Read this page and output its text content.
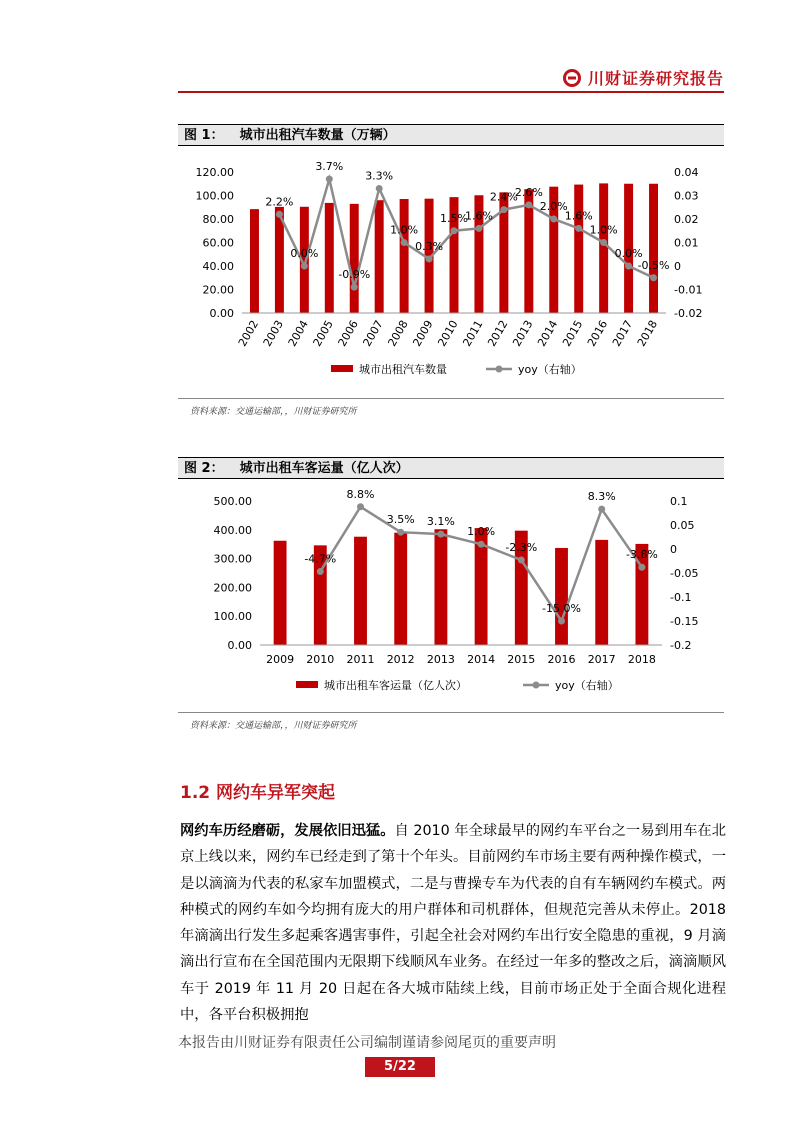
川财证券研究报告
图 1： 城市出租汽车数量（万辆）
0.00
20.00
40.00
60.00
80.00
100.00
120.00
-0.02
-0.01
0
0.01
0.02
0.03
0.04
2002 2003 2004 2005 2006 2007 2008 2009 2010 2011 2012 2013 2014 2015 2016 2017 2018
2.2%
0.0%
3.7%
-0.9%
3.3%
1.0%
0.3%
1.5%
1.6%
2.4%
2.6%
2.0%
1.6%
1.0%
0.0%
-0.5%
城市出租汽车数量	yoy（右轴）
资料来源：交通运输部，，川财证券研究所
图 2： 城市出租车客运量（亿人次）
0.00
100.00
200.00
300.00
400.00
500.00
-0.2
-0.15
-0.1
-0.05
0
0.05
0.1
2009 2010 2011 2012 2013 2014 2015 2016 2017 2018
-4.7%
8.8%
3.5% 3.1%
1.0%
-2.3%
-15.0%
8.3%
-3.8%
城市出租车客运量（亿人次）	yoy（右轴）
资料来源：交通运输部，，川财证券研究所
1.2 网约车异军突起
网约车历经磨砺，发展依旧迅猛。自 2010 年全球最早的网约车平台之一易到用车在北京上线以来，网约车已经走到了第十个年头。目前网约车市场主要有两种操作模式，一是以滴滴为代表的私家车加盟模式，二是与曹操专车为代表的自有车辆网约车模式。两种模式的网约车如今均拥有庞大的用户群体和司机群体，但规范完善从未停止。2018 年滴滴出行发生多起乘客遇害事件，引起全社会对网约车出行安全隐患的重视，9 月滴滴出行宣布在全国范围内无限期下线顺风车业务。在经过一年多的整改之后，滴滴顺风车于 2019 年 11 月 20 日起在各大城市陆续上线，目前市场正处于全面合规化进程中，各平台积极拥抱
本报告由川财证券有限责任公司编制谨请参阅尾页的重要声明
5/22
